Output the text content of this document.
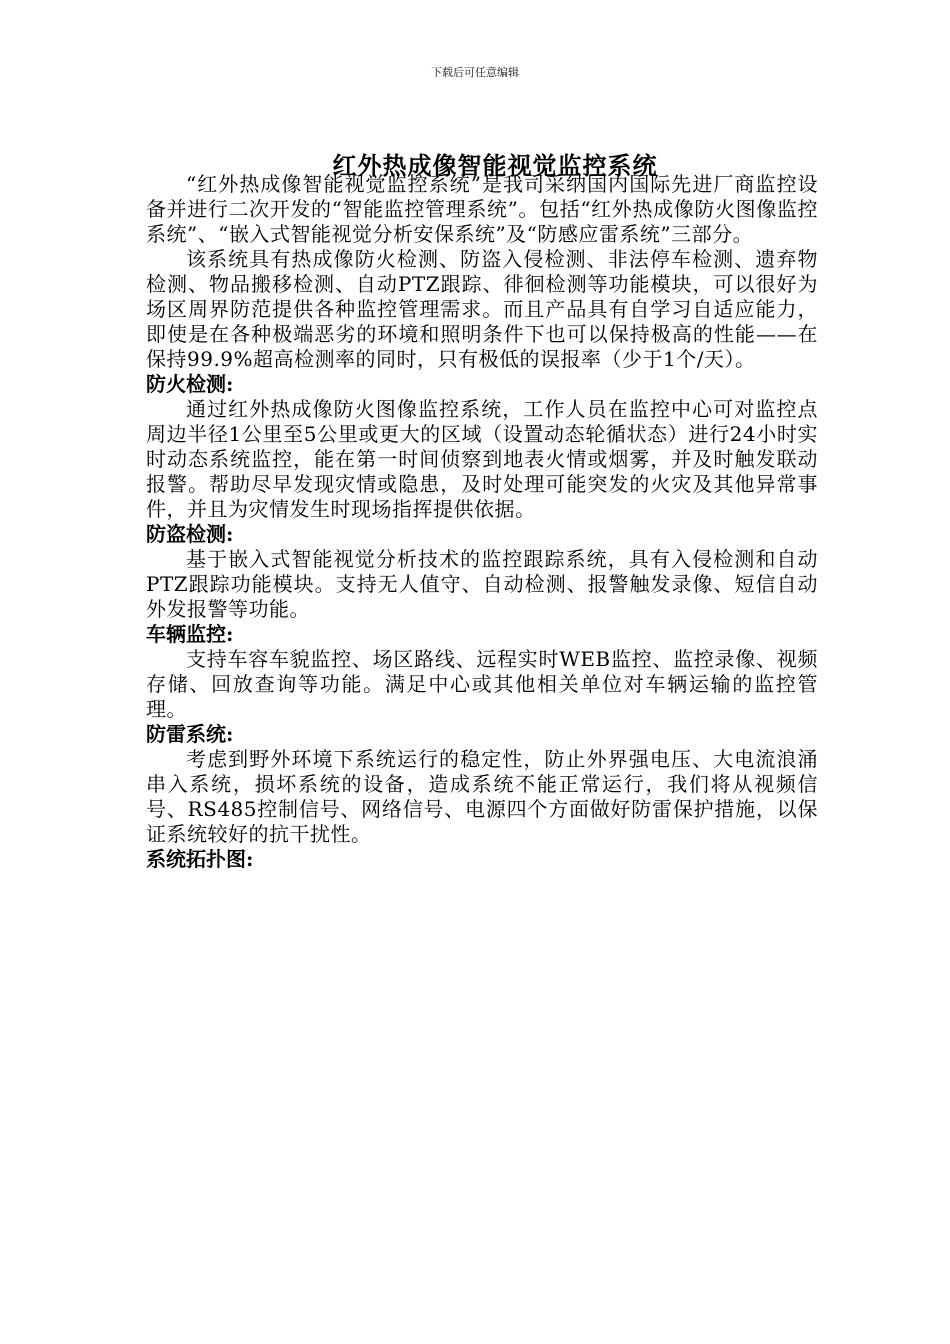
下载后可任意编辑
红外热成像智能视觉监控系统

“红外热成像智能视觉监控系统”是我司采纳国内国际先进厂商监控设备并进行二次开发的“智能监控管理系统”。包括“红外热成像防火图像监控系统”、“嵌入式智能视觉分析安保系统”及“防感应雷系统”三部分。

该系统具有热成像防火检测、防盗入侵检测、非法停车检测、遗弃物检测、物品搬移检测、自动PTZ跟踪、徘徊检测等功能模块，可以很好为场区周界防范提供各种监控管理需求。而且产品具有自学习自适应能力，即使是在各种极端恶劣的环境和照明条件下也可以保持极高的性能——在保持99.9%超高检测率的同时，只有极低的误报率（少于1个/天）。

防火检测:

通过红外热成像防火图像监控系统，工作人员在监控中心可对监控点周边半径1公里至5公里或更大的区域（设置动态轮循状态）进行24小时实时动态系统监控，能在第一时间侦察到地表火情或烟雾，并及时触发联动报警。帮助尽早发现灾情或隐患，及时处理可能突发的火灾及其他异常事件，并且为灾情发生时现场指挥提供依据。

防盗检测:

基于嵌入式智能视觉分析技术的监控跟踪系统，具有入侵检测和自动PTZ跟踪功能模块。支持无人值守、自动检测、报警触发录像、短信自动外发报警等功能。

车辆监控:

支持车容车貌监控、场区路线、远程实时WEB监控、监控录像、视频存储、回放查询等功能。满足中心或其他相关单位对车辆运输的监控管理。

防雷系统:

考虑到野外环境下系统运行的稳定性，防止外界强电压、大电流浪涌串入系统，损坏系统的设备，造成系统不能正常运行，我们将从视频信号、RS485控制信号、网络信号、电源四个方面做好防雷保护措施，以保证系统较好的抗干扰性。

系统拓扑图:
